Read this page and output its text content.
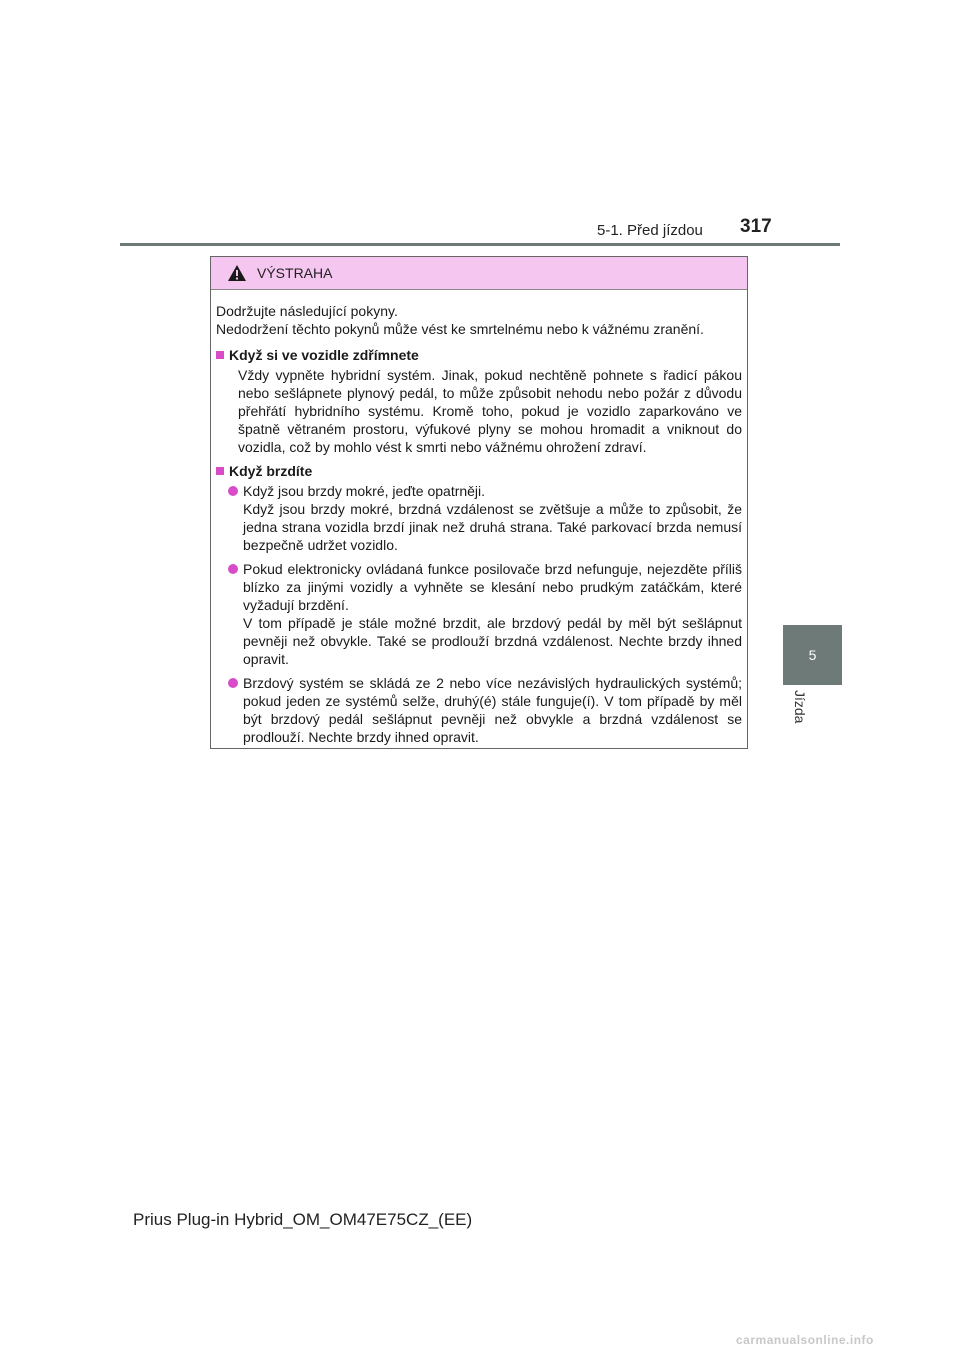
5-1. Před jízdou 317
5
Jízda
VÝSTRAHA

Dodržujte následující pokyny.
Nedodržení těchto pokynů může vést ke smrtelnému nebo k vážnému zranění.

Když si ve vozidle zdřímnete
Vždy vypněte hybridní systém. Jinak, pokud nechtěně pohnete s řadicí pákou nebo sešlápnete plynový pedál, to může způsobit nehodu nebo požár z důvodu přehřátí hybridního systému. Kromě toho, pokud je vozidlo zaparkováno ve špatně větraném prostoru, výfukové plyny se mohou hromadit a vniknout do vozidla, což by mohlo vést k smrti nebo vážnému ohrožení zdraví.
Když brzdíte
Když jsou brzdy mokré, jeďte opatrněji.
Když jsou brzdy mokré, brzdná vzdálenost se zvětšuje a může to způsobit, že jedna strana vozidla brzdí jinak než druhá strana. Také parkovací brzda nemusí bezpečně udržet vozidlo.
Pokud elektronicky ovládaná funkce posilovače brzd nefunguje, nejezděte příliš blízko za jinými vozidly a vyhněte se klesání nebo prudkým zatáčkám, které vyžadují brzdění.
V tom případě je stále možné brzdit, ale brzdový pedál by měl být sešlápnut pevněji než obvykle. Také se prodlouží brzdná vzdálenost. Nechte brzdy ihned opravit.
Brzdový systém se skládá ze 2 nebo více nezávislých hydraulických systémů; pokud jeden ze systémů selže, druhý(é) stále funguje(í). V tom případě by měl být brzdový pedál sešlápnut pevněji než obvykle a brzdná vzdálenost se prodlouží. Nechte brzdy ihned opravit.
Prius Plug-in Hybrid_OM_OM47E75CZ_(EE)
carmanualsonline.info
